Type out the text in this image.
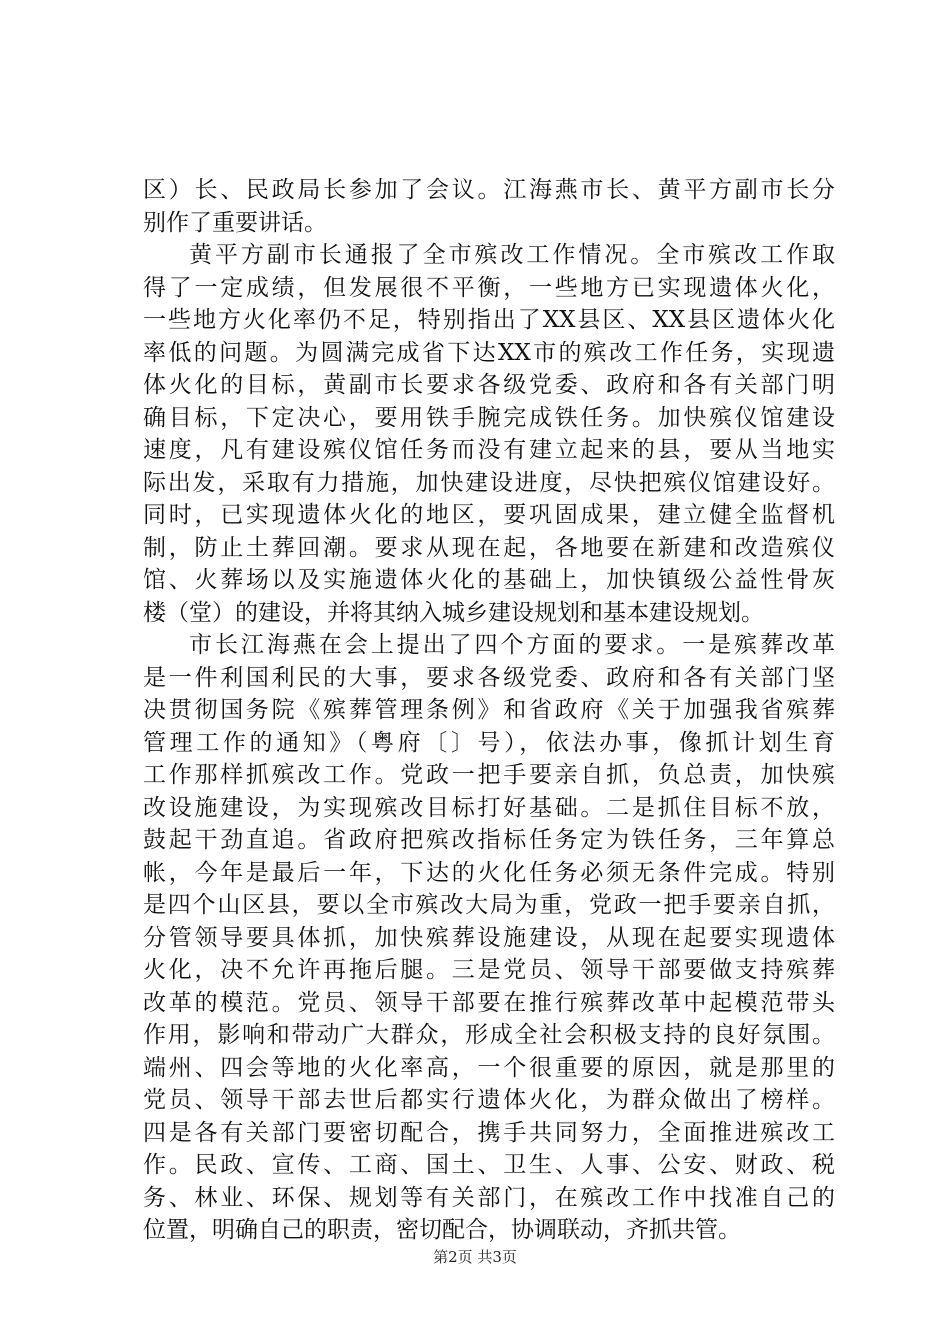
区）长、民政局长参加了会议。江海燕市长、黄平方副市长分
别作了重要讲话。
黄平方副市长通报了全市殡改工作情况。全市殡改工作取
得了一定成绩，但发展很不平衡，一些地方已实现遗体火化，
一些地方火化率仍不足，特别指出了XX县区、XX县区遗体火化
率低的问题。为圆满完成省下达XX市的殡改工作任务，实现遗
体火化的目标，黄副市长要求各级党委、政府和各有关部门明
确目标，下定决心，要用铁手腕完成铁任务。加快殡仪馆建设
速度，凡有建设殡仪馆任务而没有建立起来的县，要从当地实
际出发，采取有力措施，加快建设进度，尽快把殡仪馆建设好。
同时，已实现遗体火化的地区，要巩固成果，建立健全监督机
制，防止土葬回潮。要求从现在起，各地要在新建和改造殡仪
馆、火葬场以及实施遗体火化的基础上，加快镇级公益性骨灰
楼（堂）的建设，并将其纳入城乡建设规划和基本建设规划。
市长江海燕在会上提出了四个方面的要求。一是殡葬改革
是一件利国利民的大事，要求各级党委、政府和各有关部门坚
决贯彻国务院《殡葬管理条例》和省政府《关于加强我省殡葬
管理工作的通知》（粤府〔〕号），依法办事，像抓计划生育
工作那样抓殡改工作。党政一把手要亲自抓，负总责，加快殡
改设施建设，为实现殡改目标打好基础。二是抓住目标不放，
鼓起干劲直追。省政府把殡改指标任务定为铁任务，三年算总
帐，今年是最后一年，下达的火化任务必须无条件完成。特别
是四个山区县，要以全市殡改大局为重，党政一把手要亲自抓，
分管领导要具体抓，加快殡葬设施建设，从现在起要实现遗体
火化，决不允许再拖后腿。三是党员、领导干部要做支持殡葬
改革的模范。党员、领导干部要在推行殡葬改革中起模范带头
作用，影响和带动广大群众，形成全社会积极支持的良好氛围。
端州、四会等地的火化率高，一个很重要的原因，就是那里的
党员、领导干部去世后都实行遗体火化，为群众做出了榜样。
四是各有关部门要密切配合，携手共同努力，全面推进殡改工
作。民政、宣传、工商、国土、卫生、人事、公安、财政、税
务、林业、环保、规划等有关部门，在殡改工作中找准自己的
位置，明确自己的职责，密切配合，协调联动，齐抓共管。
第2页 共3页
